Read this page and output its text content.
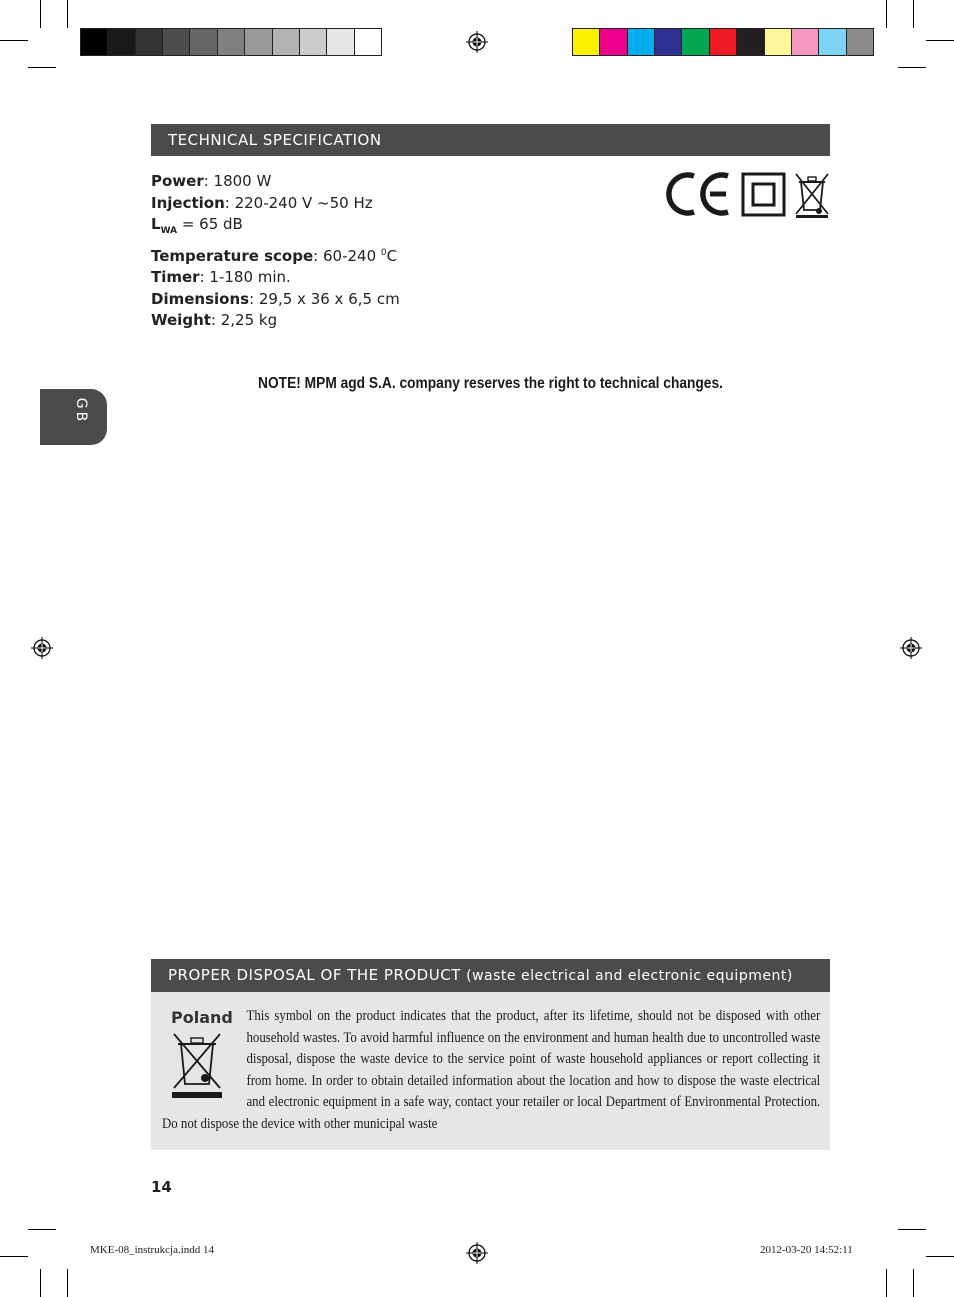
TECHNICAL SPECIFICATION
Power: 1800 W
Injection: 220-240 V ~50 Hz
$L_{WA} = 65$ dB
Temperature scope: 60-240 $^0$C
Timer: 1-180 min.
Dimensions: 29,5 x 36 x 6,5 cm
Weight: 2,25 kg
NOTE! MPM agd S.A. company reserves the right to technical changes.
GB
PROPER DISPOSAL OF THE PRODUCT (waste electrical and electronic equipment)
Poland This symbol on the product indicates that the product, after its lifetime, should not be disposed with other household wastes. To avoid harmful influence on the environment and human health due to uncontrolled waste disposal, dispose the waste device to the service point of waste household appliances or report collecting it from home. In order to obtain detailed information about the location and how to dispose the waste electrical and electronic equipment in a safe way, contact your retailer or local Department of Environmental Protection. Do not dispose the device with other municipal waste
14
MKE-08_instrukcja.indd 14	2012-03-20 14:52:11
